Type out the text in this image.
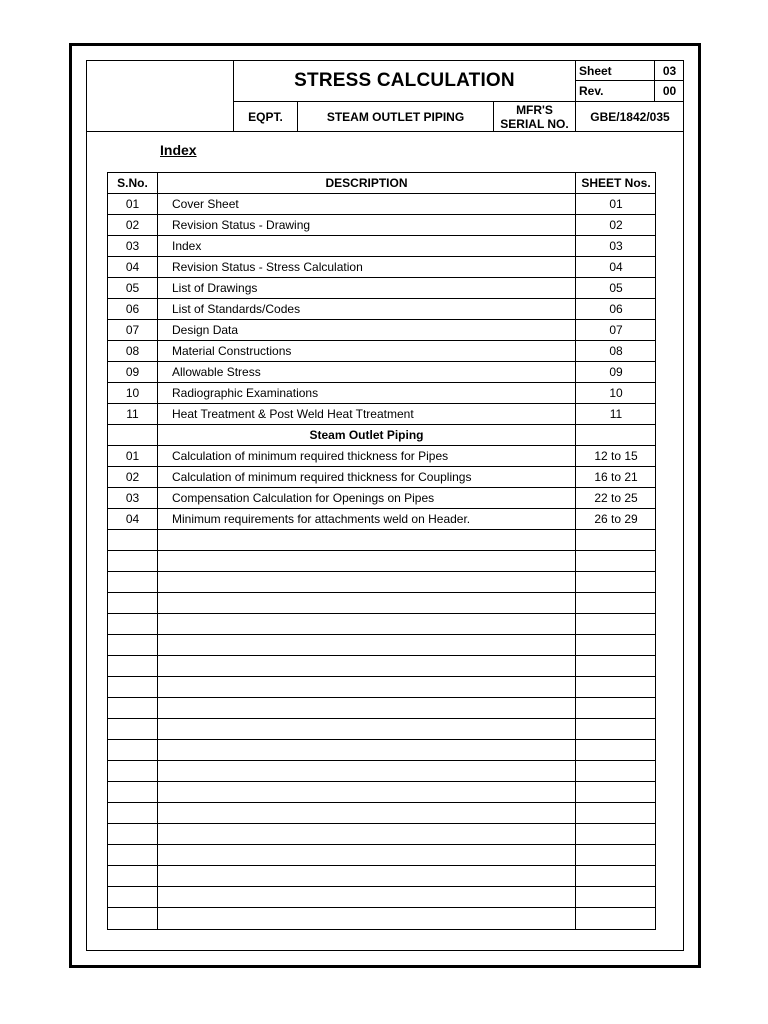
STRESS CALCULATION	Sheet	03
Rev.	00
EQPT.	STEAM OUTLET PIPING	MFR'S
SERIAL NO.	GBE/1842/035
Index
S.No.	DESCRIPTION	SHEET Nos.
01	Cover Sheet	01
02	Revision Status - Drawing	02
03	Index	03
04	Revision Status - Stress Calculation	04
05	List of Drawings	05
06	List of Standards/Codes	06
07	Design Data	07
08	Material Constructions	08
09	Allowable Stress	09
10	Radiographic Examinations	10
11	Heat Treatment & Post Weld Heat Ttreatment	11
Steam Outlet Piping
01	Calculation of minimum required thickness for Pipes	12 to 15
02	Calculation of minimum required thickness for Couplings	16 to 21
03	Compensation Calculation for Openings on Pipes	22 to 25
04	Minimum requirements for attachments weld on Header.	26 to 29
